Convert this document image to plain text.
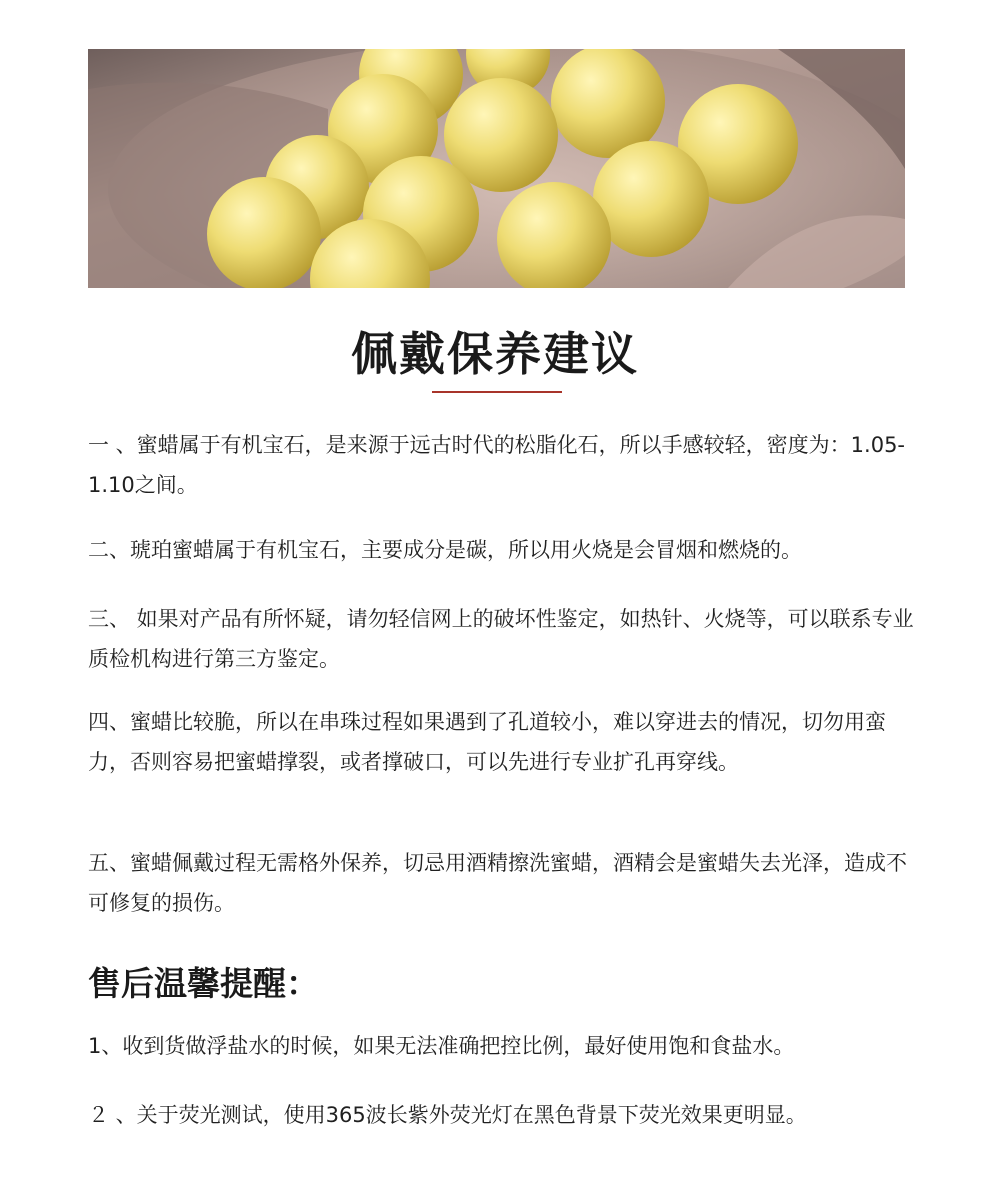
佩戴保养建议

一 、蜜蜡属于有机宝石，是来源于远古时代的松脂化石，所以手感较轻，密度为：1.05-1.10之间。

二、琥珀蜜蜡属于有机宝石，主要成分是碳，所以用火烧是会冒烟和燃烧的。

三、 如果对产品有所怀疑，请勿轻信网上的破坏性鉴定，如热针、火烧等，可以联系专业质检机构进行第三方鉴定。

四、蜜蜡比较脆，所以在串珠过程如果遇到了孔道较小，难以穿进去的情况，切勿用蛮力，否则容易把蜜蜡撑裂，或者撑破口，可以先进行专业扩孔再穿线。

五、蜜蜡佩戴过程无需格外保养，切忌用酒精擦洗蜜蜡，酒精会是蜜蜡失去光泽，造成不可修复的损伤。

售后温馨提醒：

1、收到货做浮盐水的时候，如果无法准确把控比例，最好使用饱和食盐水。

２ 、关于荧光测试，使用365波长紫外荧光灯在黑色背景下荧光效果更明显。
